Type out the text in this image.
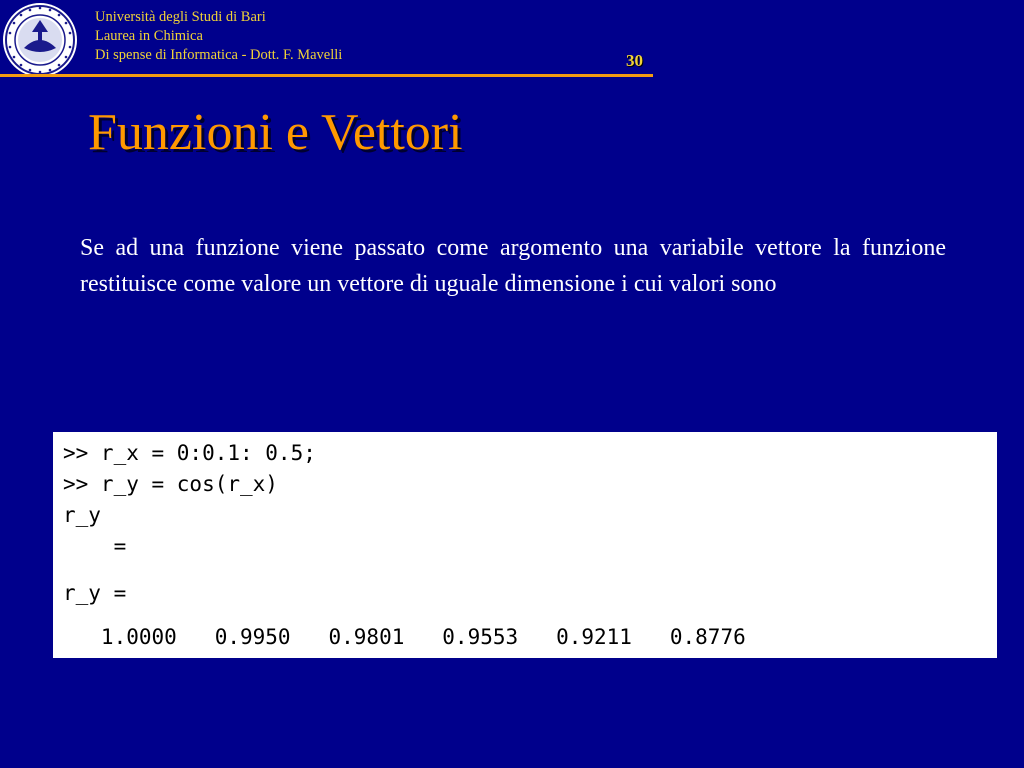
Università degli Studi di Bari
Laurea in Chimica
Di spense di Informatica - Dott. F. Mavelli	30
Funzioni e Vettori

Se ad una funzione viene passato come argomento una variabile vettore la funzione restituisce come valore un vettore di uguale dimensione i cui valori sono

>> r_x = 0:0.1: 0.5;
>> r_y = cos(r_x)
r_y
=
r_y =
1.0000   0.9950   0.9801   0.9553   0.9211   0.8776
